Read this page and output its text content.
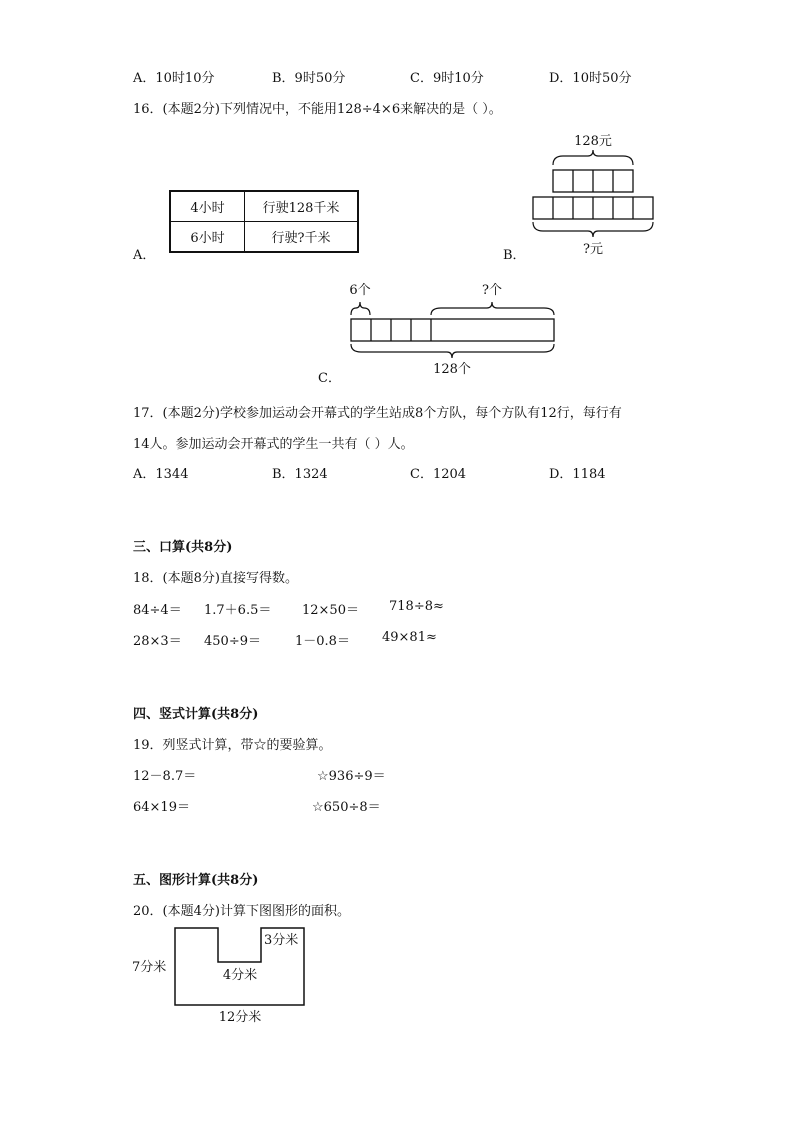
A．10时10分	B．9时50分	C．9时10分	D．10时50分
16．(本题2分)下列情况中，不能用128÷4×6来解决的是（ ）。
4小时	行驶128千米
6小时	行驶?千米
A．
128元
?元
B．
6个	?个
128个
C．
17．(本题2分)学校参加运动会开幕式的学生站成8个方队，每个方队有12行，每行有
14人。参加运动会开幕式的学生一共有（ ）人。
A．1344	B．1324	C．1204	D．1184
三、口算(共8分)
18．(本题8分)直接写得数。
84÷4＝ 1.7＋6.5＝ 12×50＝ 718÷8≈
28×3＝ 450÷9＝	1－0.8＝ 49×81≈
四、竖式计算(共8分)
19．列竖式计算，带☆的要验算。
12－8.7＝	☆936÷9＝
64×19＝	☆650÷8＝
五、图形计算(共8分)
20．(本题4分)计算下图图形的面积。
7分米
4分米
3分米
12分米
